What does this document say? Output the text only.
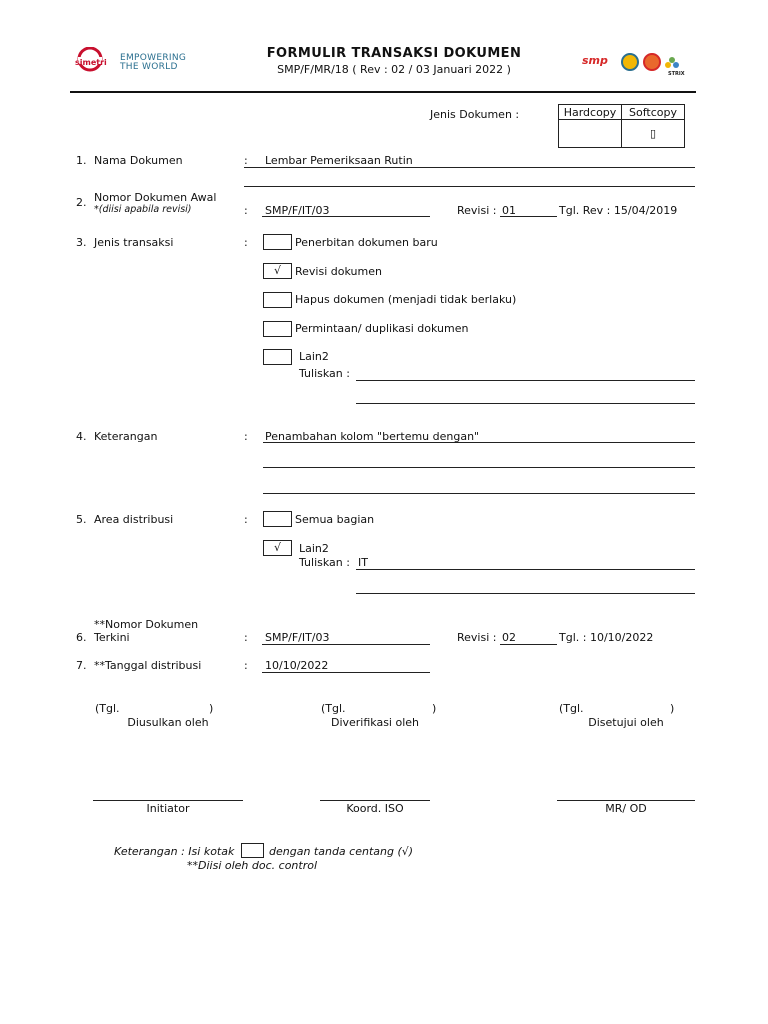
simetri EMPOWERING
THE WORLD
FORMULIR TRANSAKSI DOKUMEN
SMP/F/MR/18 ( Rev : 02 / 03 Januari 2022 )
smp
STRIX
Jenis Dokumen :	Hardcopy	Softcopy
	▯
1. Nama Dokumen	: Lembar Pemeriksaan Rutin
2. Nomor Dokumen Awal
*(diisi apabila revisi)	: SMP/F/IT/03	Revisi : 01	Tgl. Rev : 15/04/2019
3. Jenis transaksi	:	Penerbitan dokumen baru
√	Revisi dokumen
Hapus dokumen (menjadi tidak berlaku)
Permintaan/ duplikasi dokumen
Lain2
Tuliskan :
4. Keterangan	: Penambahan kolom "bertemu dengan"
5. Area distribusi	:	Semua bagian
√	Lain2
Tuliskan : IT
**Nomor Dokumen
6. Terkini	: SMP/F/IT/03	Revisi : 02	Tgl. : 10/10/2022
7. **Tanggal distribusi	: 10/10/2022
(Tgl.	)
Diusulkan oleh
Initiator
(Tgl.	)
Diverifikasi oleh
Koord. ISO
(Tgl.	)
Disetujui oleh
MR/ OD
Keterangan : Isi kotak	dengan tanda centang (√)
**Diisi oleh doc. control
